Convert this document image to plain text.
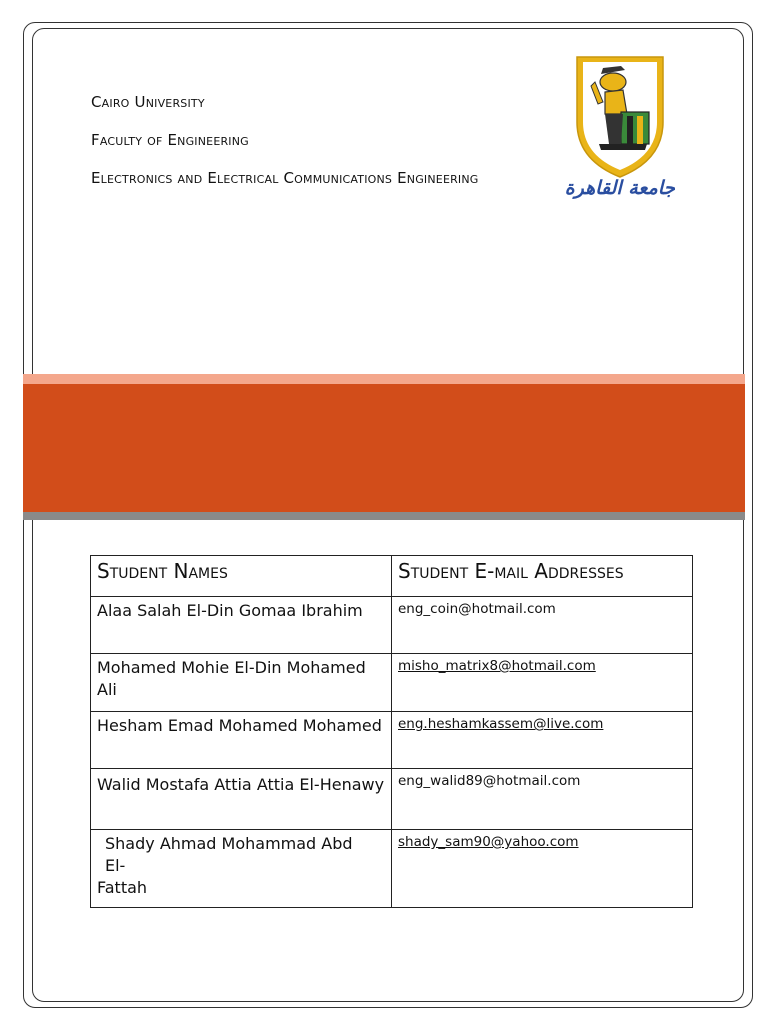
Cairo University
Faculty of Engineering
Electronics and Electrical Communications Engineering	جامعة القاهرة
Student Names	Student E-mail Addresses
Alaa Salah El-Din Gomaa Ibrahim	eng_coin@hotmail.com
Mohamed Mohie El-Din Mohamed Ali	misho_matrix8@hotmail.com
Hesham Emad Mohamed Mohamed	eng.heshamkassem@live.com
Walid Mostafa Attia Attia El-Henawy	eng_walid89@hotmail.com

Shady Ahmad Mohammad Abd
El-
Fattah	shady_sam90@yahoo.com
